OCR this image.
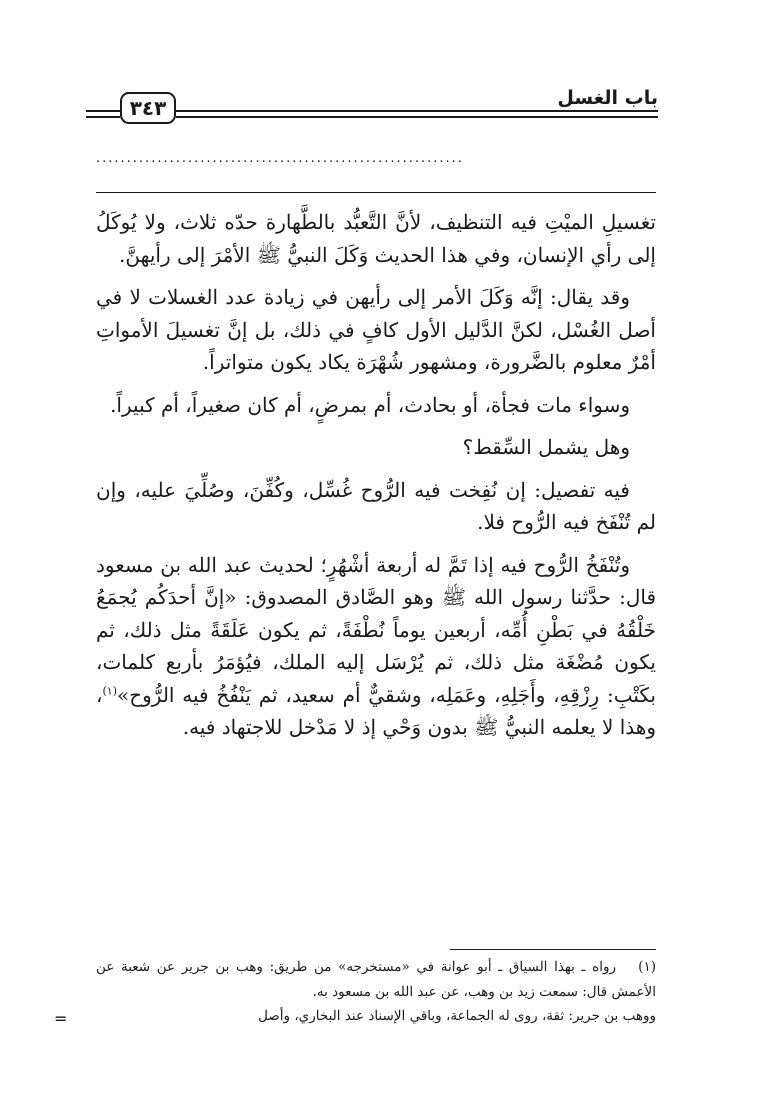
باب الغسل
٣٤٣
............................................................

تغسيلِ الميْتِ فيه التنظيف، لأنَّ التَّعبُّد بالطَّهارة حدّه ثلاث، ولا يُوكَلُ إلى رأي الإنسان، وفي هذا الحديث وَكَلَ النبيُّ ﷺ الأمْرَ إلى رأيهنَّ.

وقد يقال: إنَّه وَكَلَ الأمر إلى رأيهن في زيادة عدد الغسلات لا في أصل الغُسْل، لكنَّ الدَّليل الأول كافٍ في ذلك، بل إنَّ تغسيلَ الأمواتِ أمْرٌ معلوم بالضَّرورة، ومشهور شُهْرَة يكاد يكون متواتراً.

وسواء مات فجأة، أو بحادث، أم بمرضٍ، أم كان صغيراً، أم كبيراً.

وهل يشمل السِّقط؟

فيه تفصيل: إن نُفِخت فيه الرُّوح غُسِّل، وكُفِّنَ، وصُلِّيَ عليه، وإن لم تُنْفَخ فيه الرُّوح فلا.

وتُنْفَخُ الرُّوح فيه إذا تَمَّ له أربعة أشْهُرٍ؛ لحديث عبد الله بن مسعود قال: حدَّثنا رسول الله ﷺ وهو الصَّادق المصدوق: «إنَّ أحدَكُم يُجمَعُ خَلْقُهُ في بَطْنِ أُمِّه، أربعين يوماً نُطْفَةً، ثم يكون عَلَقَةً مثل ذلك، ثم يكون مُضْغَة مثل ذلك، ثم يُرْسَل إليه الملك، فيُؤمَرُ بأربع كلمات، بكَتْبِ: رِزْقِهِ، وأَجَلِهِ، وعَمَلِه، وشقيٌّ أم سعيد، ثم يَنْفُخُ فيه الرُّوح»$^{(١)}$، وهذا لا يعلمه النبيُّ ﷺ بدون وَحْي إذ لا مَدْخل للاجتهاد فيه.

(١)رواه ـ بهذا السياق ـ أبو عوانة في «مستخرجه» من طريق: وهب بن جرير عن شعبة عن الأعمش قال: سمعت زيد بن وهب، عن عبد الله بن مسعود به.

ووهب بن جرير: ثقة، روى له الجماعة، وباقي الإسناد عند البخاري، وأصل

=
